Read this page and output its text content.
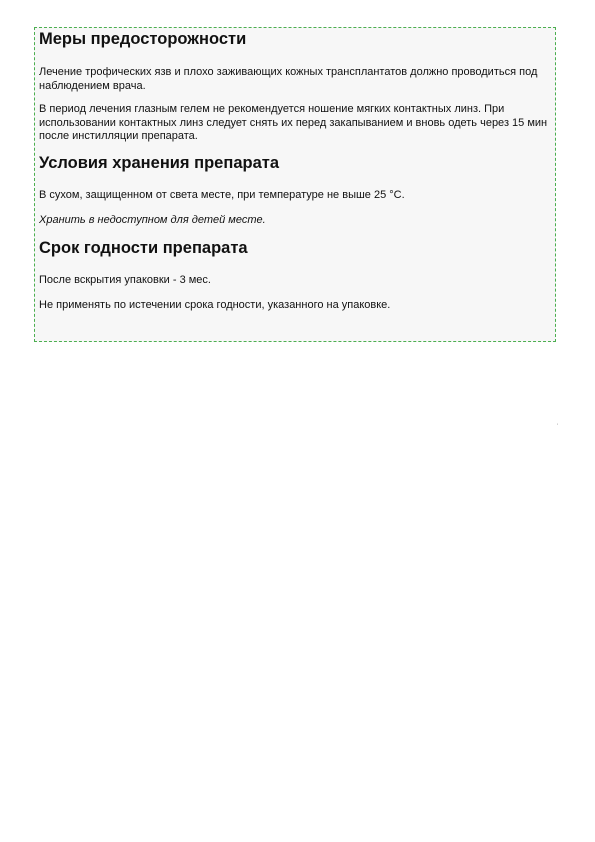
Меры предосторожности

Лечение трофических язв и плохо заживающих кожных трансплантатов должно проводиться под наблюдением врача.

В период лечения глазным гелем не рекомендуется ношение мягких контактных линз. При использовании контактных линз следует снять их перед закапыванием и вновь одеть через 15 мин после инстилляции препарата.

Условия хранения препарата

В сухом, защищенном от света месте, при температуре не выше 25 °С.

Хранить в недоступном для детей месте.

Срок годности препарата

После вскрытия упаковки - 3 мес.

Не применять по истечении срока годности, указанного на упаковке.

'
